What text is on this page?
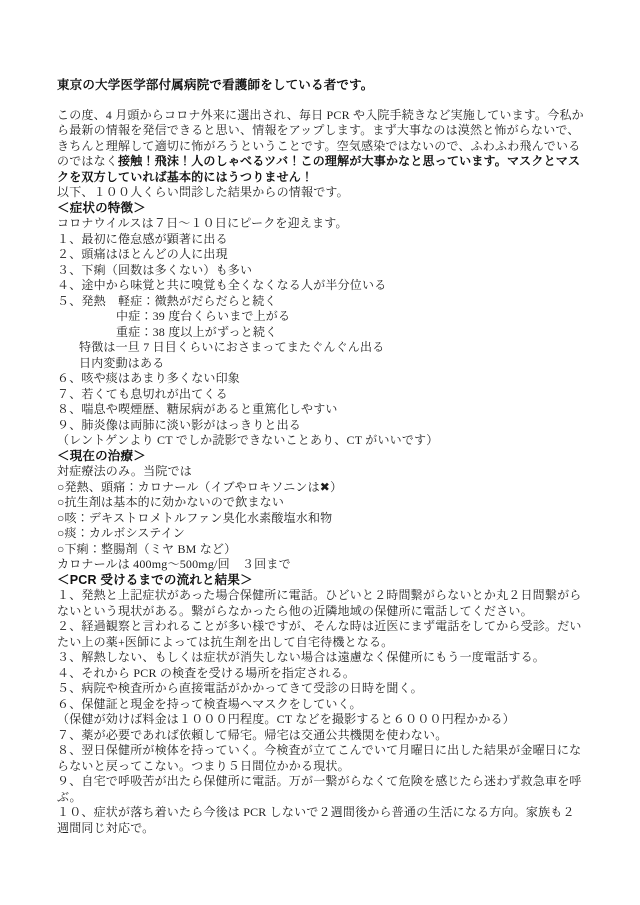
東京の大学医学部付属病院で看護師をしている者です。

この度、4 月頭からコロナ外来に選出され、毎日 PCR や入院手続きなど実施しています。今私から最新の情報を発信できると思い、情報をアップします。まず大事なのは漠然と怖がらないで、きちんと理解して適切に怖がろうということです。空気感染ではないので、ふわふわ飛んでいるのではなく接触！飛沫！人のしゃべるツバ！この理解が大事かなと思っています。マスクとマスクを双方していれば基本的にはうつりません！

以下、１００人くらい問診した結果からの情報です。

＜症状の特徴＞

コロナウイルスは７日～１０日にピークを迎えます。

１、最初に倦怠感が顕著に出る

２、頭痛はほとんどの人に出現

３、下痢（回数は多くない）も多い

４、途中から味覚と共に嗅覚も全くなくなる人が半分位いる

５、発熱　軽症：微熱がだらだらと続く

中症：39 度台くらいまで上がる

重症：38 度以上がずっと続く

特徴は一旦 7 日目くらいにおさまってまたぐんぐん出る

日内変動はある

６、咳や痰はあまり多くない印象

７、若くても息切れが出てくる

８、喘息や喫煙歴、糖尿病があると重篤化しやすい

９、肺炎像は両肺に淡い影がはっきりと出る

（レントゲンより CT でしか読影できないことあり、CT がいいです）

＜現在の治療＞

対症療法のみ。当院では

○発熱、頭痛：カロナール（イブやロキソニンは✖）

○抗生剤は基本的に効かないので飲まない

○咳：デキストロメトルファン臭化水素酸塩水和物

○痰：カルボシステイン

○下痢：整腸剤（ミヤ BM など）

カロナールは 400mg～500mg/回　３回まで

＜PCR 受けるまでの流れと結果＞

１、発熱と上記症状があった場合保健所に電話。ひどいと２時間繋がらないとか丸２日間繋がらないという現状がある。繋がらなかったら他の近隣地域の保健所に電話してください。

２、経過観察と言われることが多い様ですが、そんな時は近医にまず電話をしてから受診。だいたい上の薬+医師によっては抗生剤を出して自宅待機となる。

３、解熱しない、もしくは症状が消失しない場合は遠慮なく保健所にもう一度電話する。

４、それから PCR の検査を受ける場所を指定される。

５、病院や検査所から直接電話がかかってきて受診の日時を聞く。

６、保健証と現金を持って検査場へマスクをしていく。

（保健が効けば料金は１０００円程度。CT などを撮影すると６０００円程かかる）

７、薬が必要であれば依頼して帰宅。帰宅は交通公共機関を使わない。

８、翌日保健所が検体を持っていく。今検査が立てこんでいて月曜日に出した結果が金曜日にならないと戻ってこない。つまり５日間位かかる現状。

９、自宅で呼吸苦が出たら保健所に電話。万が一繋がらなくて危険を感じたら迷わず救急車を呼ぶ。

１０、症状が落ち着いたら今後は PCR しないで２週間後から普通の生活になる方向。家族も２週間同じ対応で。
